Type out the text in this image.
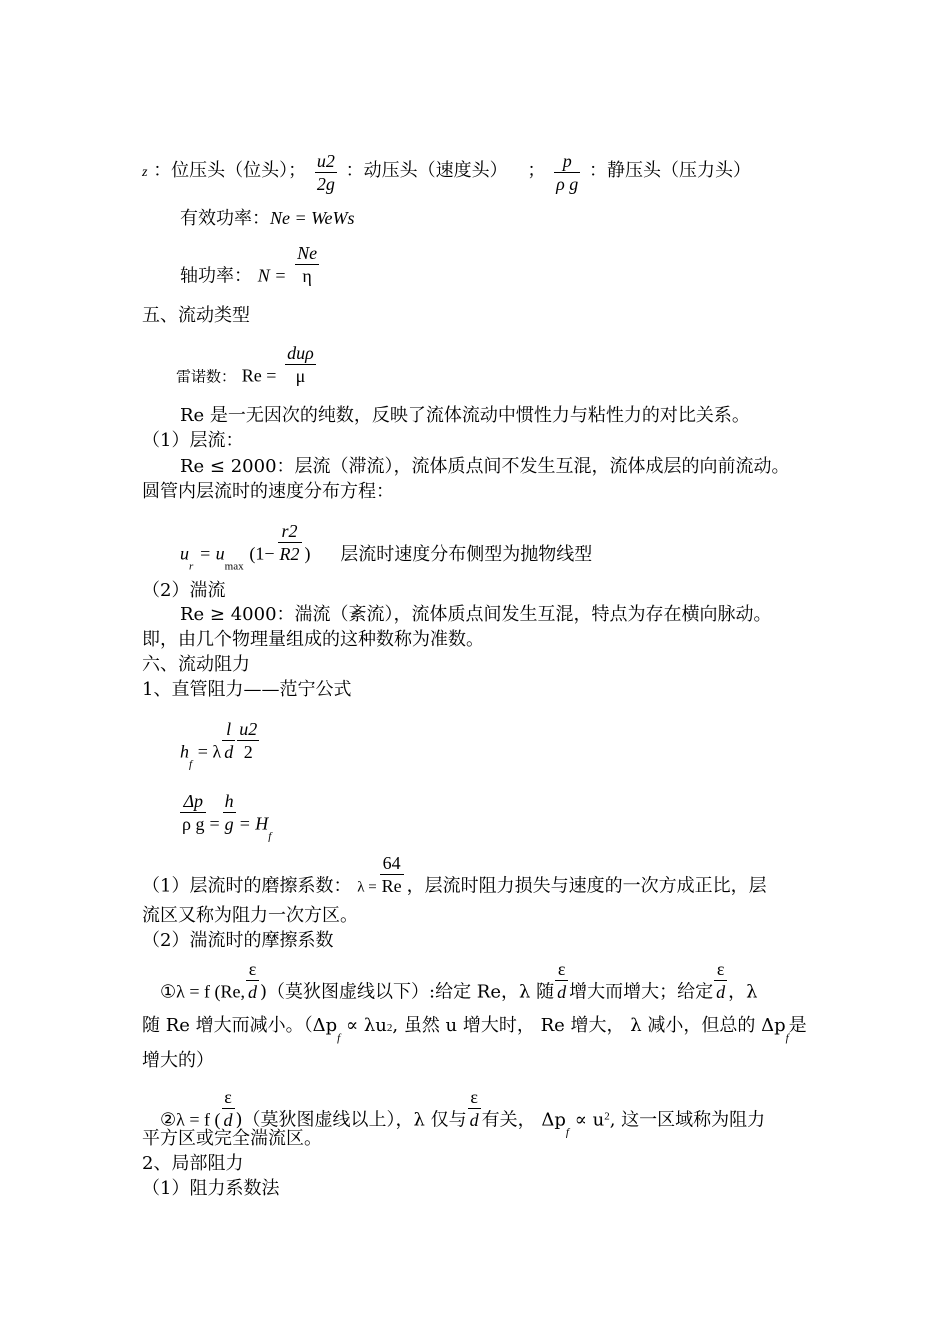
z ：位压头（位头）； $\frac{u2}{2g}$ ：动压头（速度头） ； $\frac{p}{\text{ρ g}}$ ：静压头（压力头）
有效功率：Ne = WeWs
轴功率： $N = \frac{Ne}{\eta}$
五、流动类型
$_{雷诺数:}$ Re =
duρ
μ
Re 是一无因次的纯数，反映了流体流动中惯性力与粘性力的对比关系。
（1）层流：
Re ≤ 2000：层流（滞流），流体质点间不发生互混，流体成层的向前流动。
圆管内层流时的速度分布方程：
$u_r = u_{max}$ ($1- \frac{r2}{R2}$ ) 层流时速度分布侧型为抛物线型
（2）湍流
Re ≥ 4000：湍流（紊流），流体质点间发生互混，特点为存在横向脉动。
即，由几个物理量组成的这种数称为准数。
六、流动阻力
1、直管阻力——范宁公式
$h_f = \lambda \frac{l}{d} \frac{u2}{2}$
$\frac{\Delta p}{\text{ρ g}} = \frac{h}{g} = H_f$
（1）层流时的磨擦系数： $_{\lambda =} \frac{64}{Re}$ ，层流时阻力损失与速度的一次方成正比，层
流区又称为阻力一次方区。
（2）湍流时的摩擦系数
①λ = f (Re, $\frac{\varepsilon}{d}$ )（莫狄图虚线以下）:给定 Re，λ 随 $\frac{\varepsilon}{d}$ 增大而增大；给定 $\frac{\varepsilon}{d}$ ，λ
随 Re 增大而减小。（$\Delta p_f \propto \lambda u2$, 虽然 u 增大时， Re 增大， λ 减小，但总的 $\Delta p_f$是
增大的）
②λ = f ( $\frac{\varepsilon}{d}$ )（莫狄图虚线以上），λ 仅与 $\frac{\varepsilon}{d}$ 有关， $\Delta p_f \propto u_2$, 这一区域称为阻力
平方区或完全湍流区。
2、局部阻力
（1）阻力系数法
